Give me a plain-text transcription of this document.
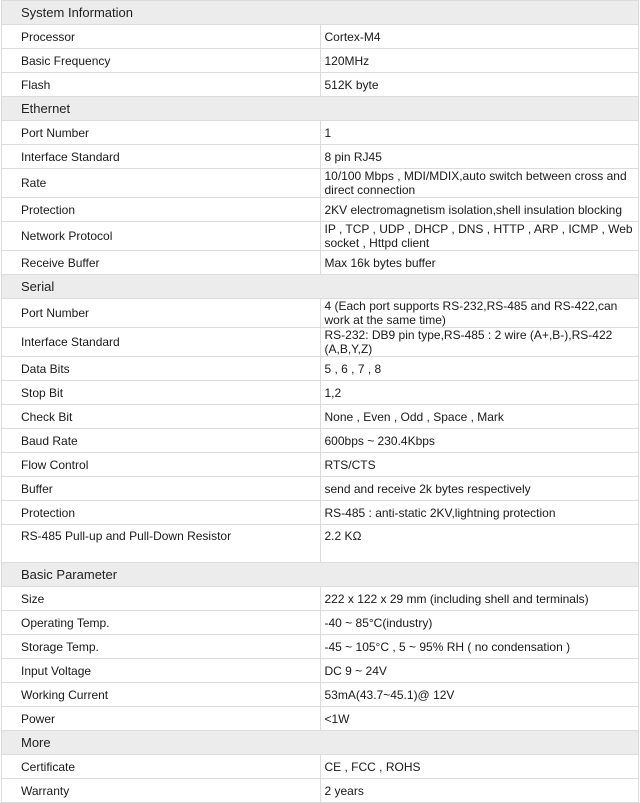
System Information	
Processor	Cortex-M4
Basic Frequency	120MHz
Flash	512K byte
Ethernet	
Port Number	1
Interface Standard	8 pin RJ45
Rate	10/100 Mbps , MDI/MDIX,auto switch between cross and direct connection
Protection	2KV electromagnetism isolation,shell insulation blocking
Network Protocol	IP , TCP , UDP , DHCP , DNS , HTTP , ARP , ICMP , Web socket , Httpd client
Receive Buffer	Max 16k bytes buffer
Serial	
Port Number	4 (Each port supports RS-232,RS-485 and RS-422,can work at the same time)
Interface Standard	RS-232: DB9 pin type,RS-485 : 2 wire (A+,B-),RS-422 (A,B,Y,Z)
Data Bits	5 , 6 , 7 , 8
Stop Bit	1,2
Check Bit	None , Even , Odd , Space , Mark
Baud Rate	600bps ~ 230.4Kbps
Flow Control	RTS/CTS
Buffer	send and receive 2k bytes respectively
Protection	RS-485 : anti-static 2KV,lightning protection
RS-485 Pull-up and Pull-Down Resistor	2.2 KΩ
Basic Parameter	
Size	222 x 122 x 29 mm (including shell and terminals)
Operating Temp.	-40 ~ 85°C(industry)
Storage Temp.	-45 ~ 105°C , 5 ~ 95% RH ( no condensation )
Input Voltage	DC 9 ~ 24V
Working Current	53mA(43.7~45.1)@ 12V
Power	<1W
More	
Certificate	CE , FCC , ROHS
Warranty	2 years
